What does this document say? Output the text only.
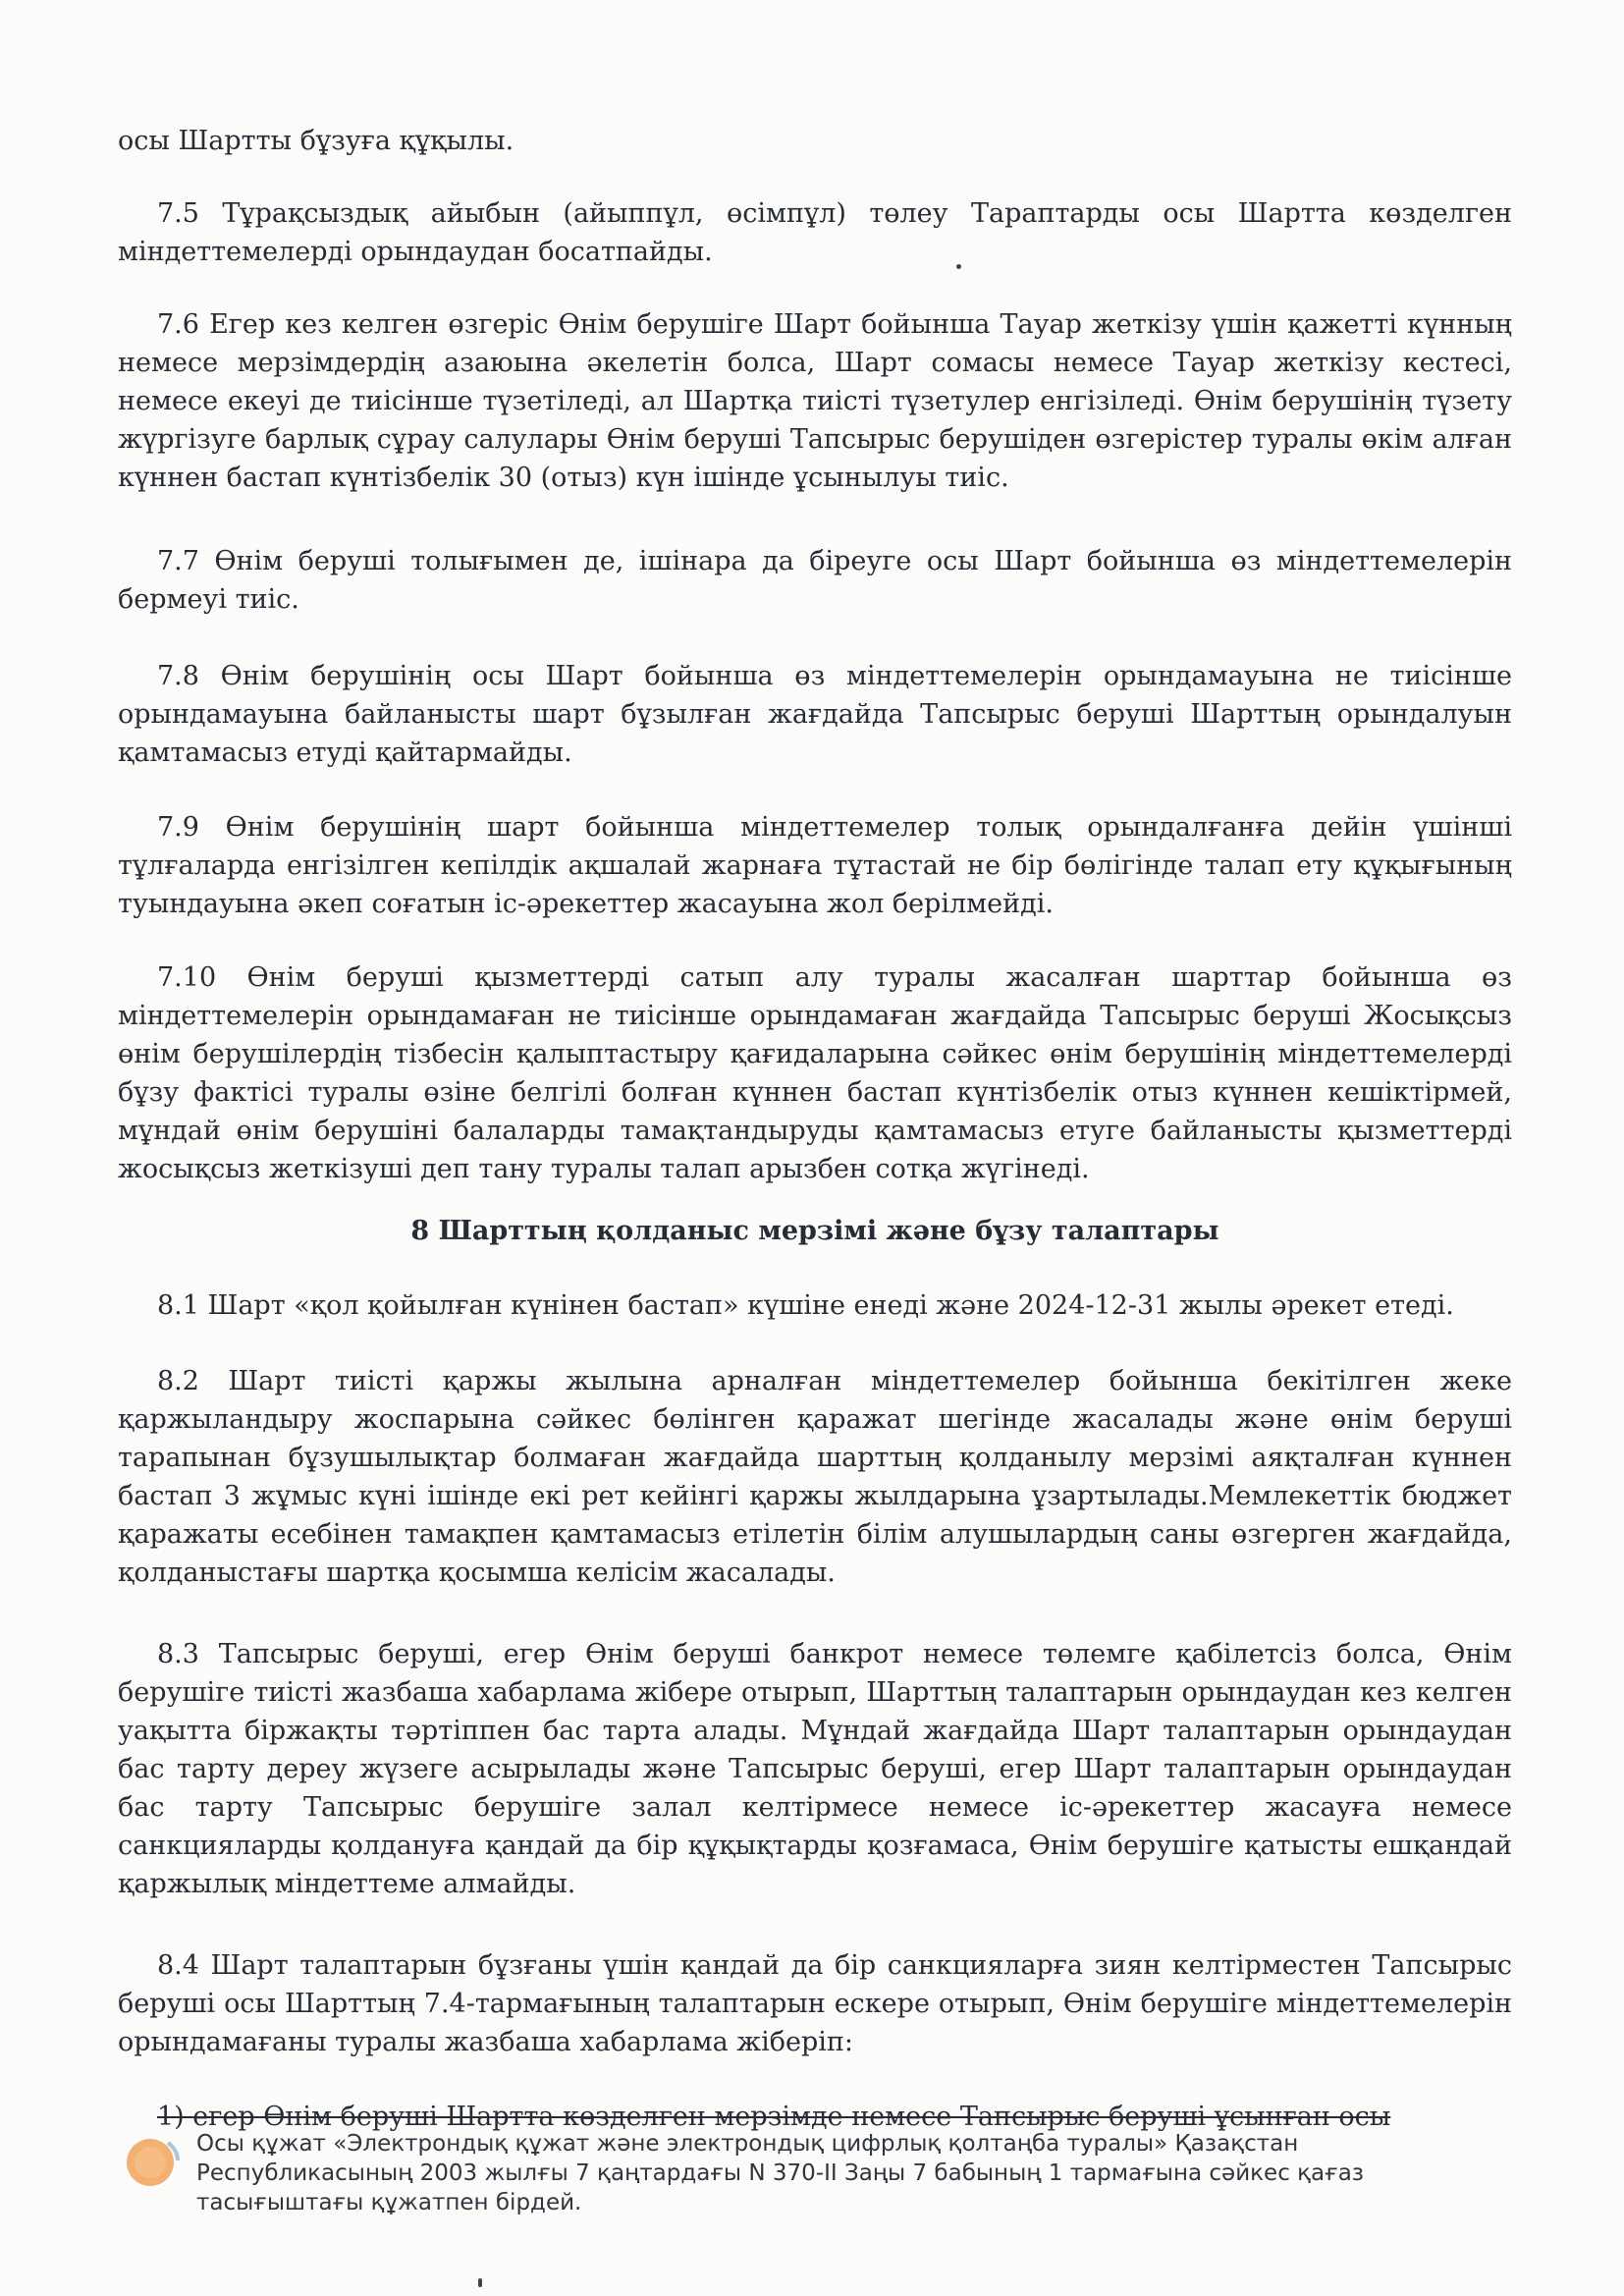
осы Шартты бұзуға құқылы.

7.5 Тұрақсыздық айыбын (айыппұл, өсімпұл) төлеу Тараптарды осы Шартта көзделген міндеттемелерді орындаудан босатпайды.

7.6 Егер кез келген өзгеріс Өнім берушіге Шарт бойынша Тауар жеткізу үшін қажетті күнның немесе мерзімдердің азаюына әкелетін болса, Шарт сомасы немесе Тауар жеткізу кестесі, немесе екеуі де тиісінше түзетіледі, ал Шартқа тиісті түзетулер енгізіледі. Өнім берушінің түзету жүргізуге барлық сұрау салулары Өнім беруші Тапсырыс берушіден өзгерістер туралы өкім алған күннен бастап күнтізбелік 30 (отыз) күн ішінде ұсынылуы тиіс.

7.7 Өнім беруші толығымен де, ішінара да біреуге осы Шарт бойынша өз міндеттемелерін бермеуі тиіс.

7.8 Өнім берушінің осы Шарт бойынша өз міндеттемелерін орындамауына не тиісінше орындамауына байланысты шарт бұзылған жағдайда Тапсырыс беруші Шарттың орындалуын қамтамасыз етуді қайтармайды.

7.9 Өнім берушінің шарт бойынша міндеттемелер толық орындалғанға дейін үшінші тұлғаларда енгізілген кепілдік ақшалай жарнаға тұтастай не бір бөлігінде талап ету құқығының туындауына әкеп соғатын іс-әрекеттер жасауына жол берілмейді.

7.10 Өнім беруші қызметтерді сатып алу туралы жасалған шарттар бойынша өз міндеттемелерін орындамаған не тиісінше орындамаған жағдайда Тапсырыс беруші Жосықсыз өнім берушілердің тізбесін қалыптастыру қағидаларына сәйкес өнім берушінің міндеттемелерді бұзу фактісі туралы өзіне белгілі болған күннен бастап күнтізбелік отыз күннен кешіктірмей, мұндай өнім берушіні балаларды тамақтандыруды қамтамасыз етуге байланысты қызметтерді жосықсыз жеткізуші деп тану туралы талап арызбен сотқа жүгінеді.

8 Шарттың қолданыс мерзімі және бұзу талаптары

8.1 Шарт «қол қойылған күнінен бастап» күшіне енеді және 2024-12-31 жылы әрекет етеді.

8.2 Шарт тиісті қаржы жылына арналған міндеттемелер бойынша бекітілген жеке қаржыландыру жоспарына сәйкес бөлінген қаражат шегінде жасалады және өнім беруші тарапынан бұзушылықтар болмаған жағдайда шарттың қолданылу мерзімі аяқталған күннен бастап 3 жұмыс күні ішінде екі рет кейінгі қаржы жылдарына ұзартылады.Мемлекеттік бюджет қаражаты есебінен тамақпен қамтамасыз етілетін білім алушылардың саны өзгерген жағдайда, қолданыстағы шартқа қосымша келісім жасалады.

8.3 Тапсырыс беруші, егер Өнім беруші банкрот немесе төлемге қабілетсіз болса, Өнім берушіге тиісті жазбаша хабарлама жібере отырып, Шарттың талаптарын орындаудан кез келген уақытта біржақты тәртіппен бас тарта алады. Мұндай жағдайда Шарт талаптарын орындаудан бас тарту дереу жүзеге асырылады және Тапсырыс беруші, егер Шарт талаптарын орындаудан бас тарту Тапсырыс берушіге залал келтірмесе немесе іс-әрекеттер жасауға немесе санкцияларды қолдануға қандай да бір құқықтарды қозғамаса, Өнім берушіге қатысты ешқандай қаржылық міндеттеме алмайды.

8.4 Шарт талаптарын бұзғаны үшін қандай да бір санкцияларға зиян келтірместен Тапсырыс беруші осы Шарттың 7.4-тармағының талаптарын ескере отырып, Өнім берушіге міндеттемелерін орындамағаны туралы жазбаша хабарлама жіберіп:

1) егер Өнім беруші Шартта көзделген мерзімде немесе Тапсырыс беруші ұсынған осы

Осы құжат «Электрондық құжат және электрондық цифрлық қолтаңба туралы» Қазақстан Республикасының 2003 жылғы 7 қаңтардағы N 370-II Заңы 7 бабының 1 тармағына сәйкес қағаз тасығыштағы құжатпен бірдей.
